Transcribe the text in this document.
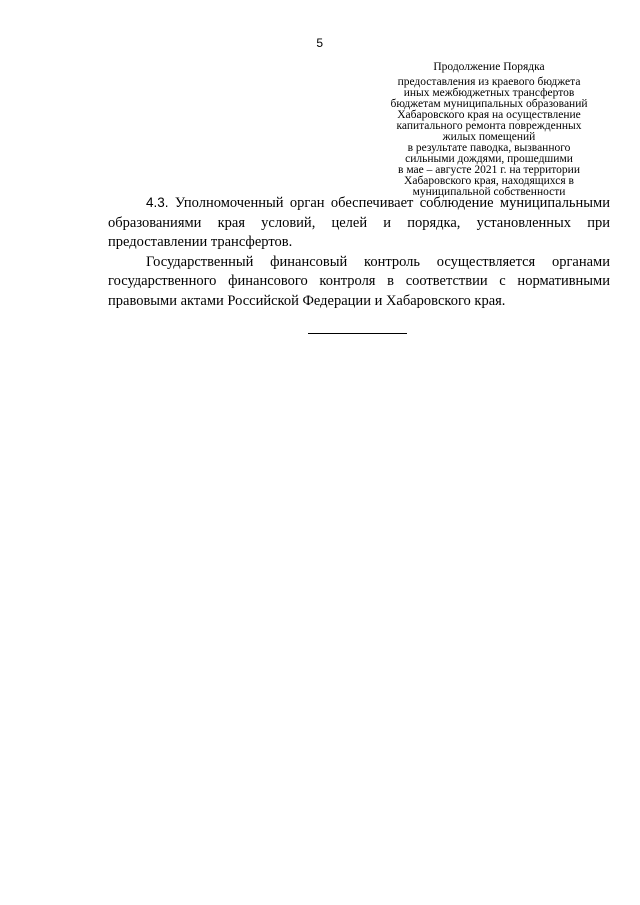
5
Продолжение Порядка
предоставления из краевого бюджета
иных межбюджетных трансфертов
бюджетам муниципальных образований
Хабаровского края на осуществление
капитального ремонта поврежденных
жилых помещений
в результате паводка, вызванного
сильными дождями, прошедшими
в мае – августе 2021 г. на территории
Хабаровского края, находящихся в
муниципальной собственности

4.3. Уполномоченный орган обеспечивает соблюдение муниципальными образованиями края условий, целей и порядка, установленных при предоставлении трансфертов.

Государственный финансовый контроль осуществляется органами государственного финансового контроля в соответствии с нормативными правовыми актами Российской Федерации и Хабаровского края.
